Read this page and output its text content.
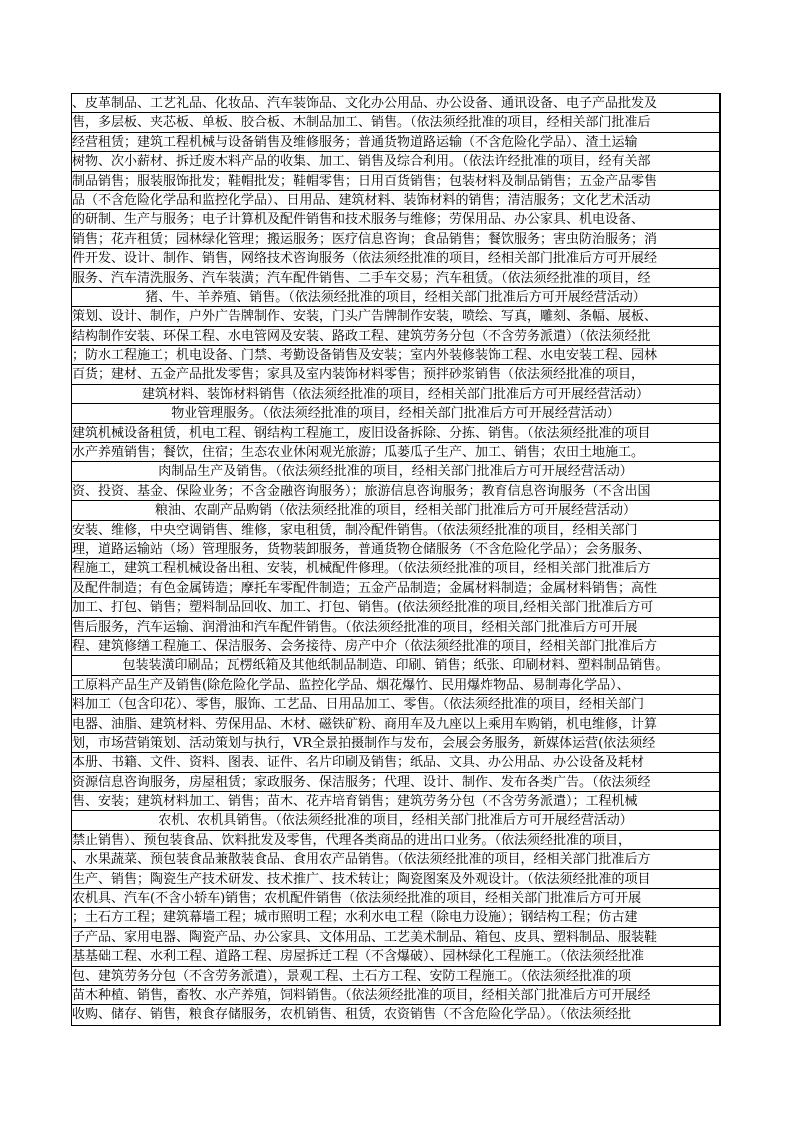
、皮革制品、工艺礼品、化妆品、汽车装饰品、文化办公用品、办公设备、通讯设备、电子产品批发及
售，多层板、夹芯板、单板、胶合板、木制品加工、销售。（依法须经批准的项目，经相关部门批准后
经营租赁；建筑工程机械与设备销售及维修服务；普通货物道路运输（不含危险化学品）、渣土运输
树物、次小薪材、拆迁废木料产品的收集、加工、销售及综合利用。（依法许经批准的项目，经有关部
制品销售；服装服饰批发；鞋帽批发；鞋帽零售；日用百货销售；包装材料及制品销售；五金产品零售
品（不含危险化学品和监控化学品）、日用品、建筑材料、装饰材料的销售；清洁服务；文化艺术活动
的研制、生产与服务；电子计算机及配件销售和技术服务与维修；劳保用品、办公家具、机电设备、
销售；花卉租赁；园林绿化管理；搬运服务；医疗信息咨询；食品销售；餐饮服务；害虫防治服务；消
件开发、设计、制作、销售，网络技术咨询服务（依法须经批准的项目，经相关部门批准后方可开展经
服务、汽车清洗服务、汽车装潢；汽车配件销售、二手车交易；汽车租赁。（依法须经批准的项目，经
猪、牛、羊养殖、销售。（依法须经批准的项目，经相关部门批准后方可开展经营活动）
策划、设计、制作，户外广告牌制作、安装，门头广告牌制作安装，喷绘、写真，雕刻、条幅、展板、
结构制作安装、环保工程、水电管网及安装、路政工程、建筑劳务分包（不含劳务派遣）（依法须经批
；防水工程施工；机电设备、门禁、考勤设备销售及安装；室内外装修装饰工程、水电安装工程、园林
百货；建材、五金产品批发零售；家具及室内装饰材料零售；预拌砂浆销售（依法须经批准的项目，
建筑材料、装饰材料销售（依法须经批准的项目，经相关部门批准后方可开展经营活动）
物业管理服务。（依法须经批准的项目，经相关部门批准后方可开展经营活动）
建筑机械设备租赁，机电工程、钢结构工程施工，废旧设备拆除、分拣、销售。（依法须经批准的项目
水产养殖销售；餐饮，住宿；生态农业休闲观光旅游；瓜蒌瓜子生产、加工、销售；农田土地施工。
肉制品生产及销售。（依法须经批准的项目，经相关部门批准后方可开展经营活动）
资、投资、基金、保险业务；不含金融咨询服务）；旅游信息咨询服务；教育信息咨询服务（不含出国
粮油、农副产品购销（依法须经批准的项目，经相关部门批准后方可开展经营活动）
安装、维修，中央空调销售、维修，家电租赁，制冷配件销售。（依法须经批准的项目，经相关部门
理，道路运输站（场）管理服务，货物装卸服务，普通货物仓储服务（不含危险化学品）；会务服务、
程施工，建筑工程机械设备出租、安装，机械配件修理。（依法须经批准的项目，经相关部门批准后方
及配件制造；有色金属铸造；摩托车零配件制造；五金产品制造；金属材料制造；金属材料销售；高性
加工、打包、销售；塑料制品回收、加工、打包、销售。(依法须经批准的项目,经相关部门批准后方可
售后服务，汽车运输、润滑油和汽车配件销售。（依法须经批准的项目，经相关部门批准后方可开展
程、建筑修缮工程施工、保洁服务、会务接待、房产中介（依法须经批准的项目，经相关部门批准后方
包装装潢印刷品；瓦楞纸箱及其他纸制品制造、印刷、销售；纸张、印刷材料、塑料制品销售。
工原料产品生产及销售(除危险化学品、监控化学品、烟花爆竹、民用爆炸物品、易制毒化学品）、
料加工（包含印花）、零售，服饰、工艺品、日用品加工、零售。（依法须经批准的项目，经相关部门
电器、油脂、建筑材料、劳保用品、木材、磁铁矿粉、商用车及九座以上乘用车购销，机电维修，计算
划，市场营销策划、活动策划与执行，VR全景拍摄制作与发布，会展会务服务，新媒体运营(依法须经
本册、书籍、文件、资料、图表、证件、名片印刷及销售；纸品、文具、办公用品、办公设备及耗材
资源信息咨询服务，房屋租赁；家政服务、保洁服务；代理、设计、制作、发布各类广告。（依法须经
售、安装；建筑材料加工、销售；苗木、花卉培育销售；建筑劳务分包（不含劳务派遣）；工程机械
农机、农机具销售。（依法须经批准的项目，经相关部门批准后方可开展经营活动）
禁止销售）、预包装食品、饮料批发及零售，代理各类商品的进出口业务。（依法须经批准的项目，
、水果蔬菜、预包装食品兼散装食品、食用农产品销售。（依法须经批准的项目，经相关部门批准后方
生产、销售；陶瓷生产技术研发、技术推广、技术转让；陶瓷图案及外观设计。（依法须经批准的项目
农机具、汽车(不含小轿车)销售；农机配件销售（依法须经批准的项目，经相关部门批准后方可开展
；土石方工程；建筑幕墙工程；城市照明工程；水利水电工程（除电力设施）；钢结构工程；仿古建
子产品、家用电器、陶瓷产品、办公家具、文体用品、工艺美术制品、箱包、皮具、塑料制品、服装鞋
基基础工程、水利工程、道路工程、房屋拆迁工程（不含爆破）、园林绿化工程施工。（依法须经批准
包、建筑劳务分包（不含劳务派遣），景观工程、土石方工程、安防工程施工。（依法须经批准的项
苗木种植、销售，畜牧、水产养殖，饲料销售。（依法须经批准的项目，经相关部门批准后方可开展经
收购、储存、销售，粮食存储服务，农机销售、租赁，农资销售（不含危险化学品）。（依法须经批
